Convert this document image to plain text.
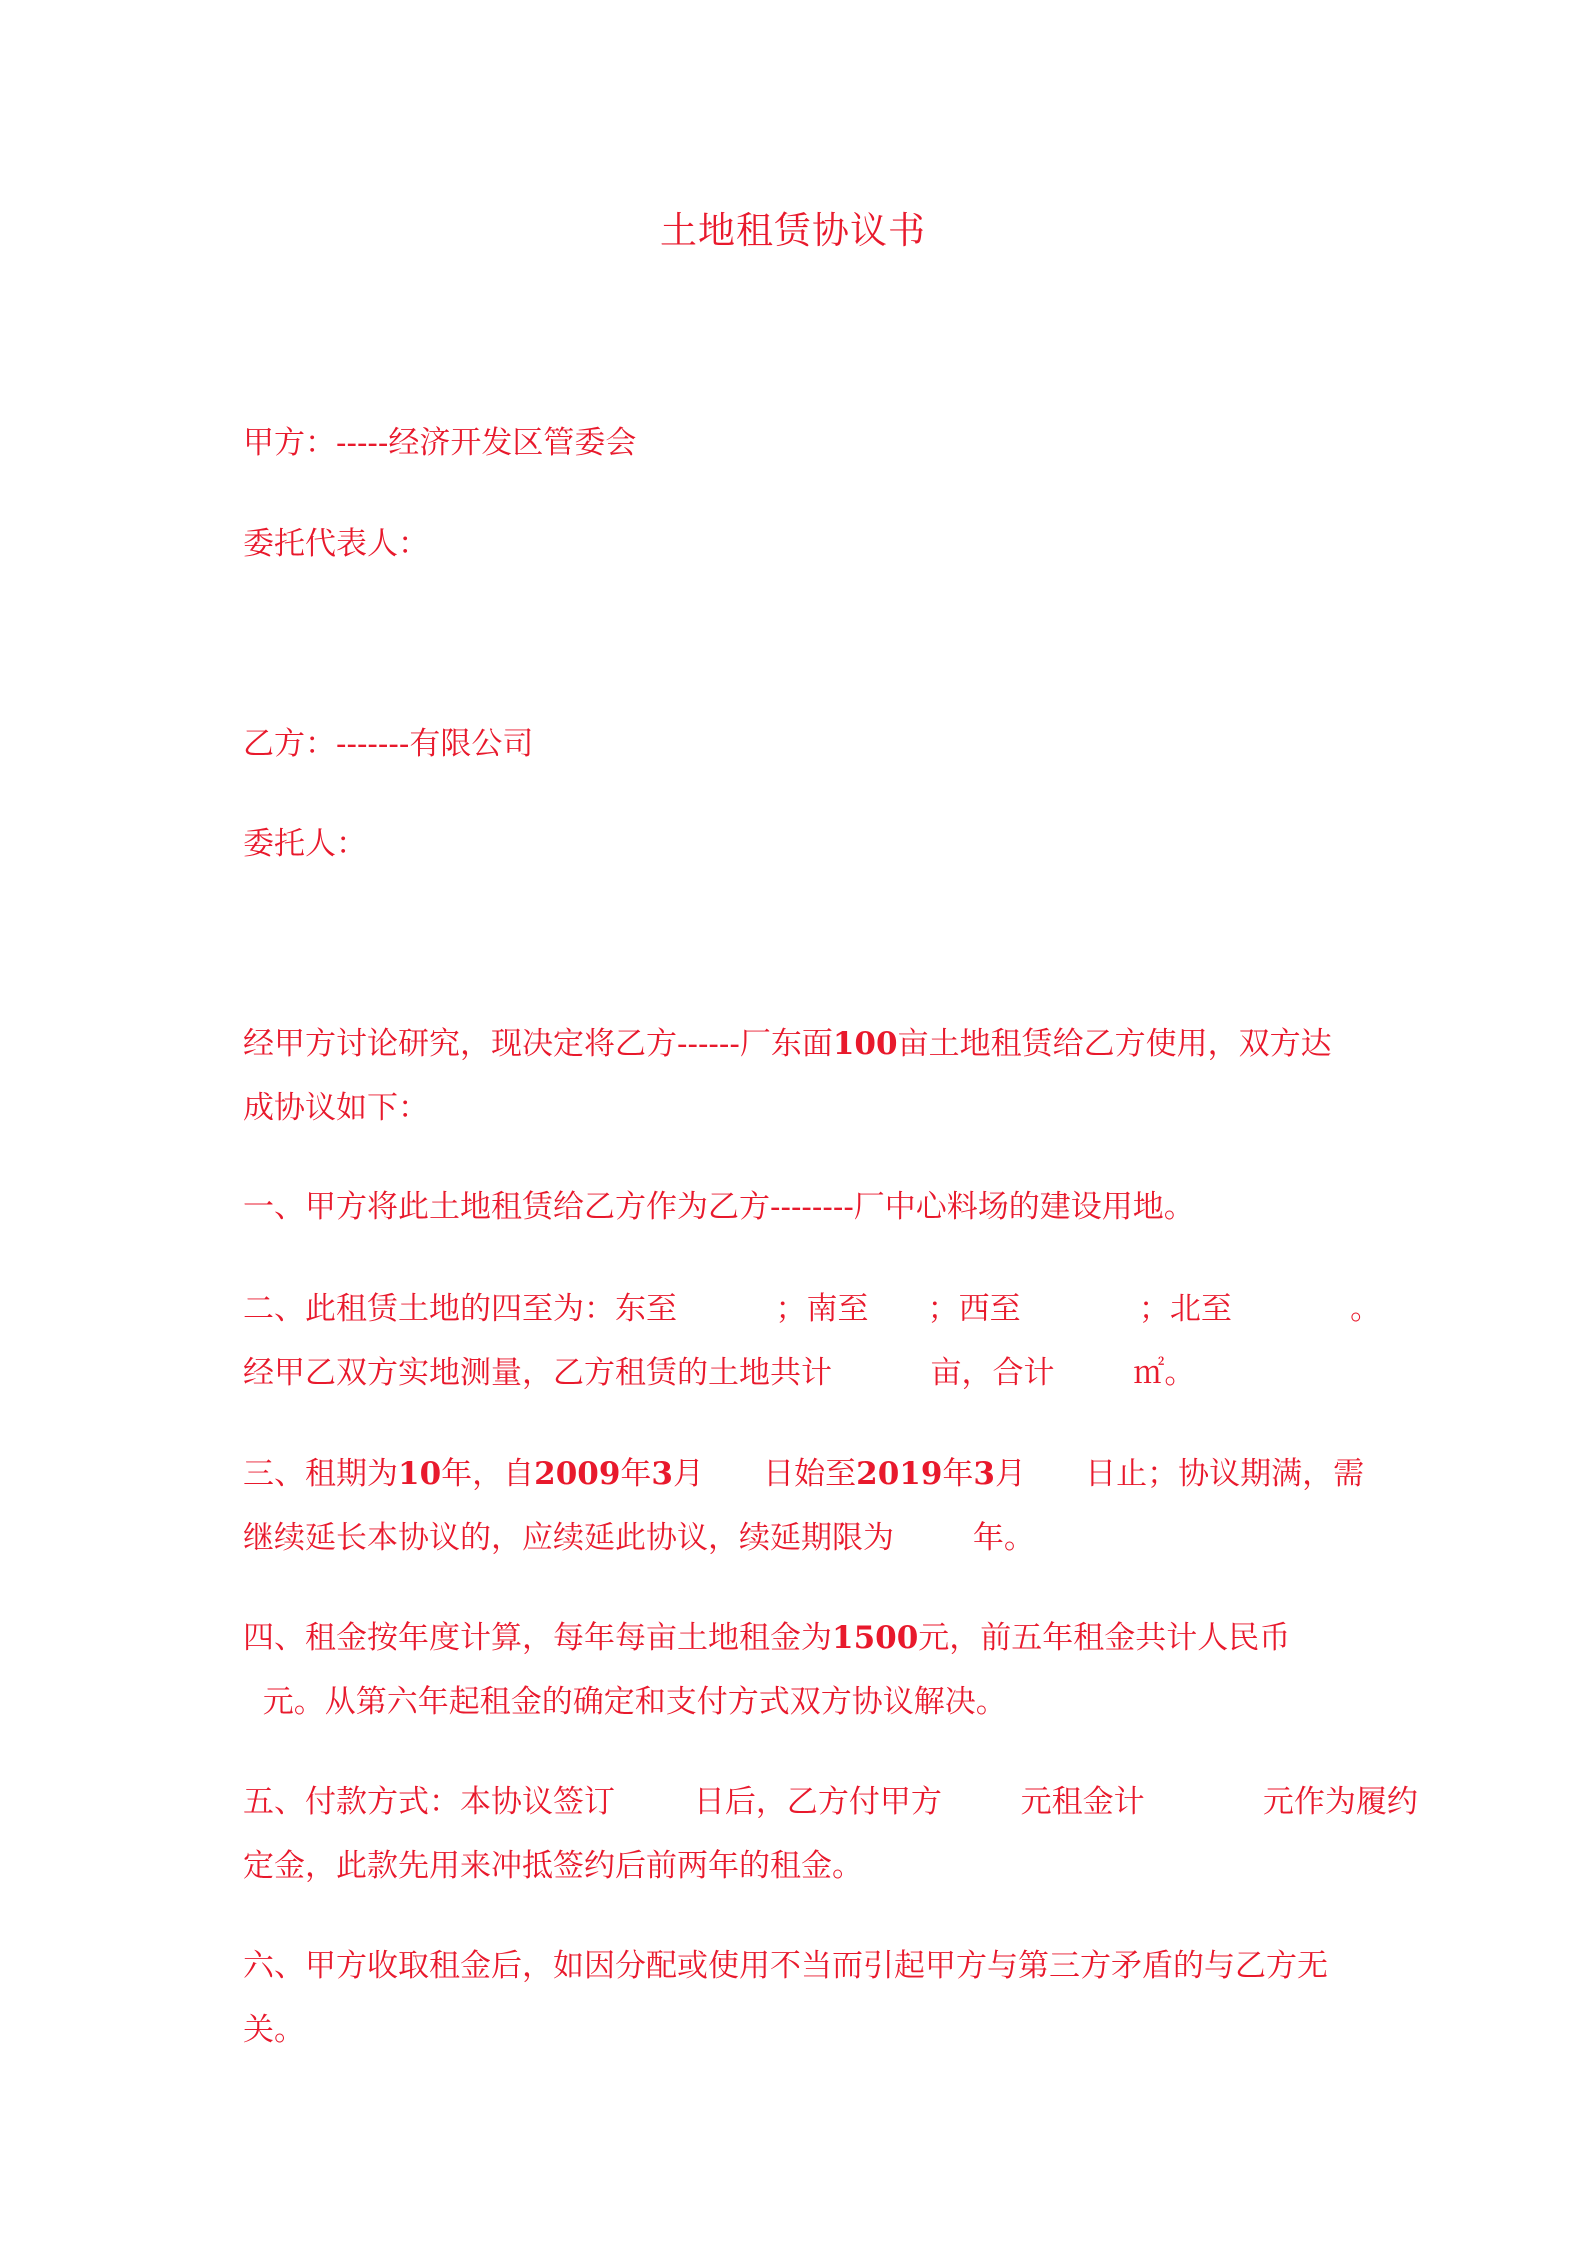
土地租赁协议书
甲方：-----经济开发区管委会
委托代表人：
乙方：-------有限公司
委托人：
经甲方讨论研究，现决定将乙方------厂东面100亩土地租赁给乙方使用，双方达
成协议如下：
一、甲方将此土地租赁给乙方作为乙方--------厂中心料场的建设用地。
二、此租赁土地的四至为：东至          ；南至      ；西至            ；北至            。
经甲乙双方实地测量，乙方租赁的土地共计          亩，合计        ㎡。
三、租期为10年，自2009年3月      日始至2019年3月      日止；协议期满，需
继续延长本协议的，应续延此协议，续延期限为        年。
四、租金按年度计算，每年每亩土地租金为1500元，前五年租金共计人民币
元。从第六年起租金的确定和支付方式双方协议解决。
五、付款方式：本协议签订        日后，乙方付甲方        元租金计            元作为履约
定金，此款先用来冲抵签约后前两年的租金。
六、甲方收取租金后，如因分配或使用不当而引起甲方与第三方矛盾的与乙方无
关。
